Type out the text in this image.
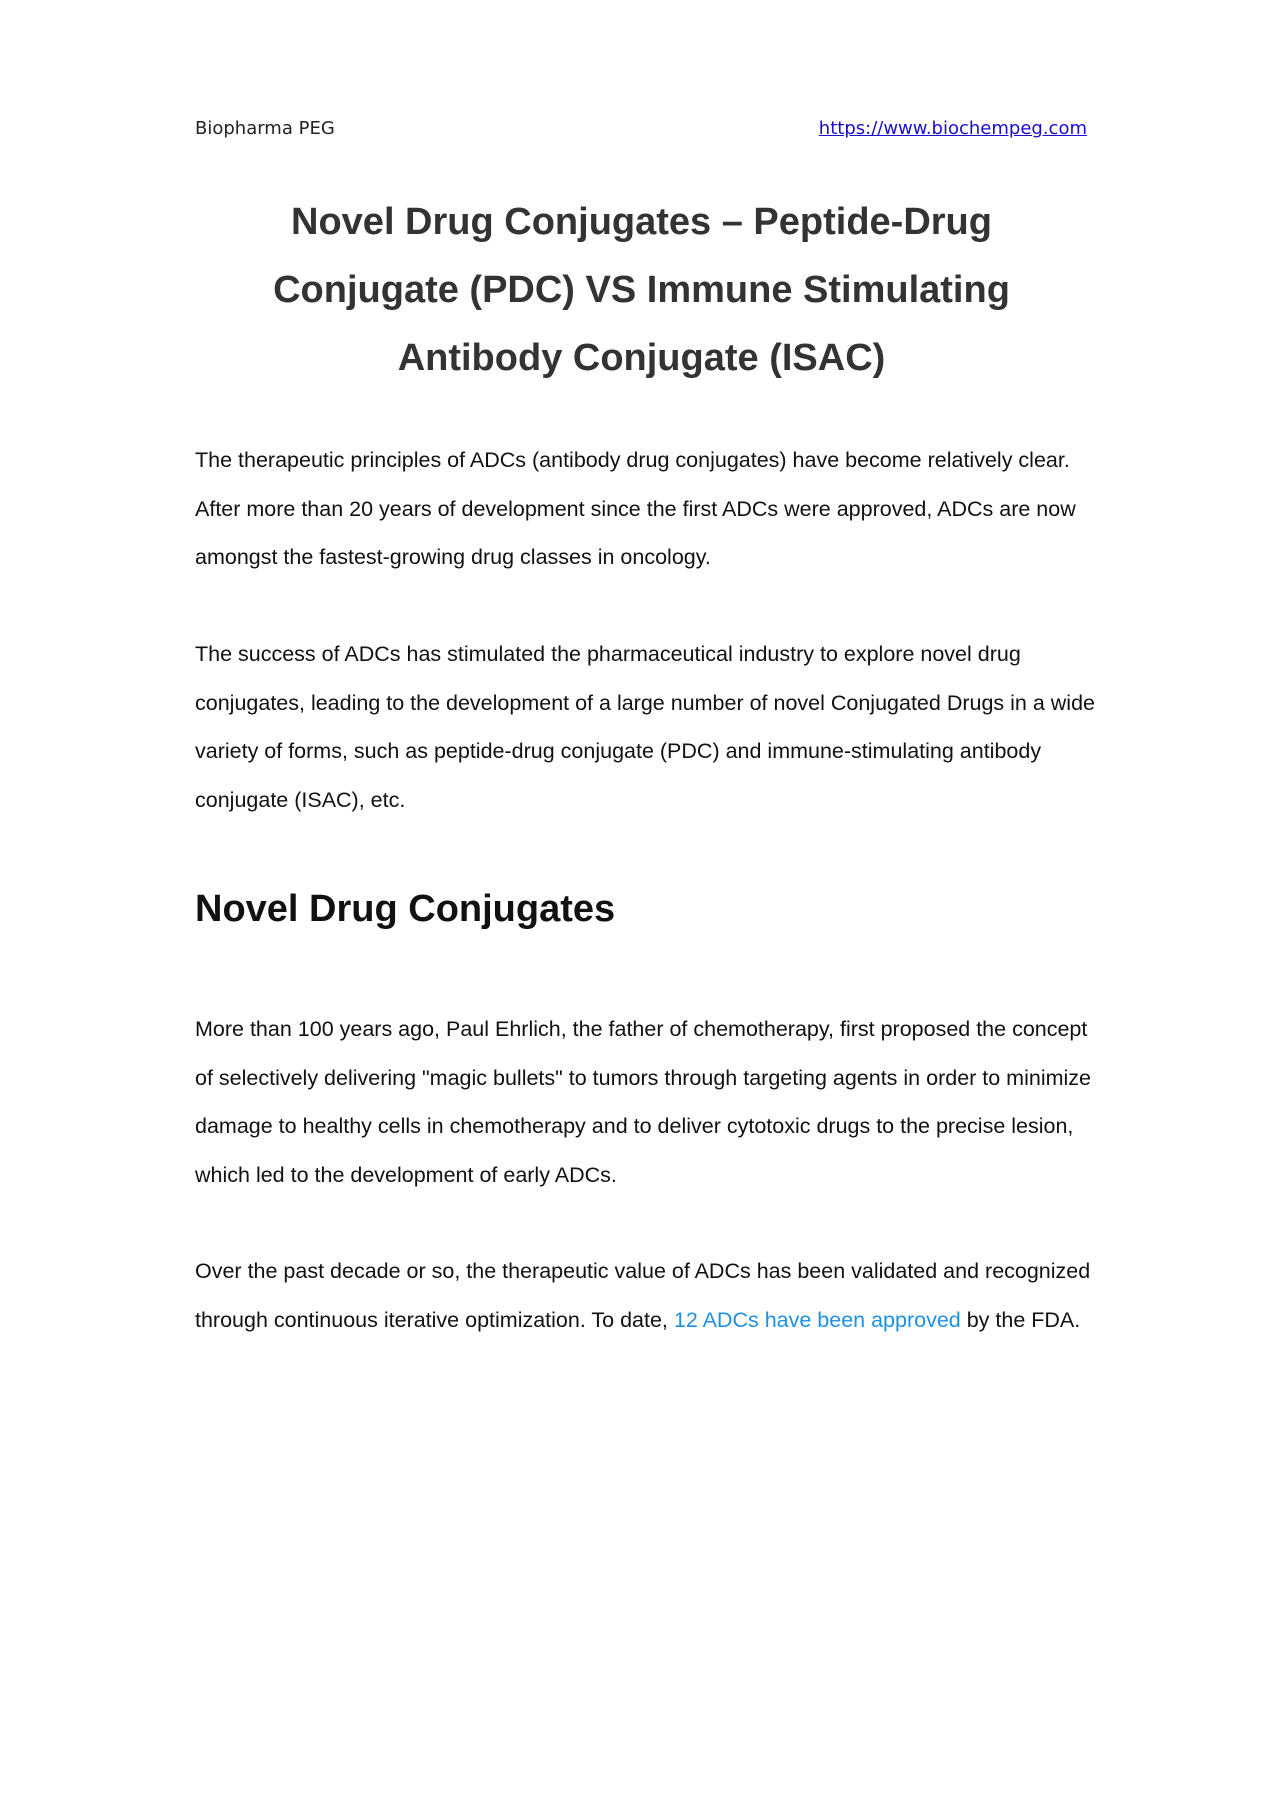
Biopharma PEG	https://www.biochempeg.com
Novel Drug Conjugates – Peptide-Drug
Conjugate (PDC) VS Immune Stimulating
Antibody Conjugate (ISAC)

The therapeutic principles of ADCs (antibody drug conjugates) have become relatively clear. After more than 20 years of development since the first ADCs were approved, ADCs are now amongst the fastest-growing drug classes in oncology.

The success of ADCs has stimulated the pharmaceutical industry to explore novel drug conjugates, leading to the development of a large number of novel Conjugated Drugs in a wide variety of forms, such as peptide-drug conjugate (PDC) and immune-stimulating antibody conjugate (ISAC), etc.

Novel Drug Conjugates

More than 100 years ago, Paul Ehrlich, the father of chemotherapy, first proposed the concept of selectively delivering "magic bullets" to tumors through targeting agents in order to minimize damage to healthy cells in chemotherapy and to deliver cytotoxic drugs to the precise lesion, which led to the development of early ADCs.

Over the past decade or so, the therapeutic value of ADCs has been validated and recognized through continuous iterative optimization. To date, 12 ADCs have been approved by the FDA.
